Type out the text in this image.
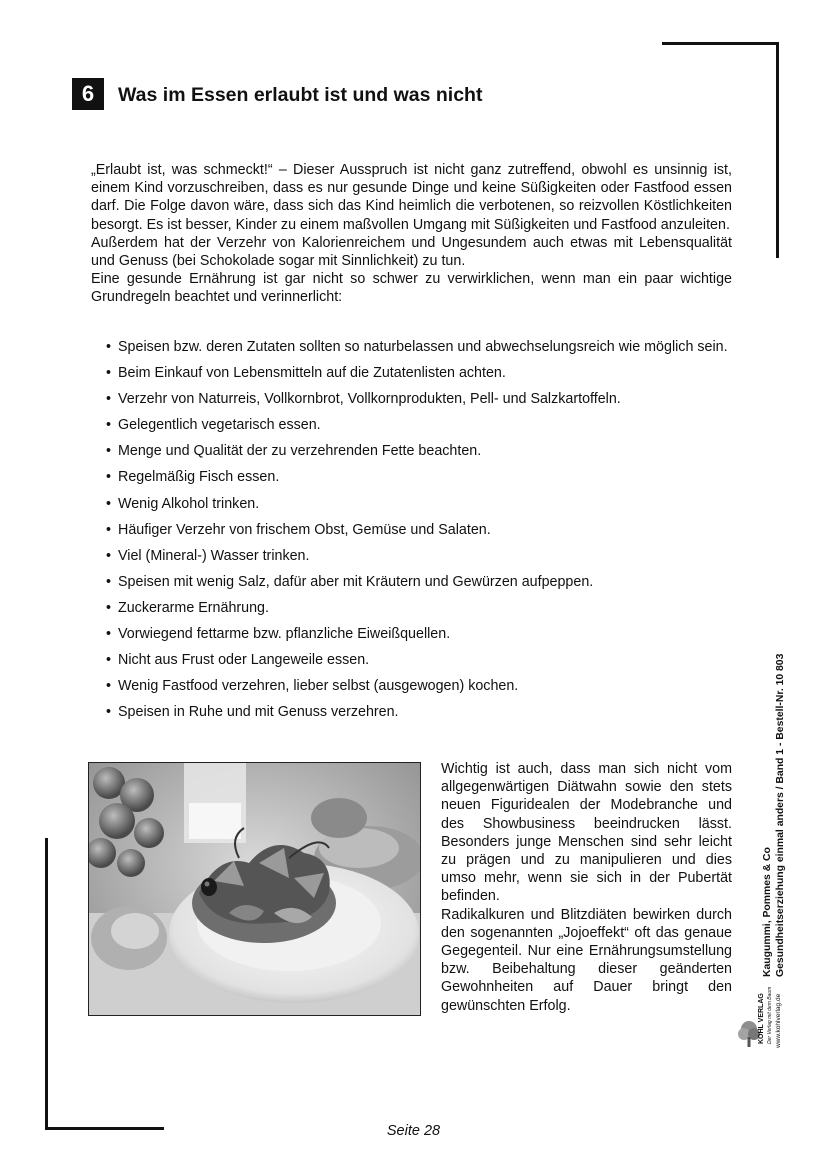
6	Was im Essen erlaubt ist und was nicht

„Erlaubt ist, was schmeckt!“ – Dieser Ausspruch ist nicht ganz zutreffend, obwohl es unsinnig ist, einem Kind vorzuschreiben, dass es nur gesunde Dinge und keine Süßigkeiten oder Fastfood essen darf. Die Folge davon wäre, dass sich das Kind heimlich die verbotenen, so reizvollen Köstlichkeiten besorgt. Es ist besser, Kinder zu einem maßvollen Umgang mit Süßigkeiten und Fastfood anzuleiten.

Außerdem hat der Verzehr von Kalorienreichem und Ungesundem auch etwas mit Lebensqualität und Genuss (bei Schokolade sogar mit Sinnlichkeit) zu tun.

Eine gesunde Ernährung ist gar nicht so schwer zu verwirklichen, wenn man ein paar wichtige Grundregeln beachtet und verinnerlicht:

• Speisen bzw. deren Zutaten sollten so naturbelassen und abwechselungsreich wie möglich sein.
• Beim Einkauf von Lebensmitteln auf die Zutatenlisten achten.
• Verzehr von Naturreis, Vollkornbrot, Vollkornprodukten, Pell- und Salzkartoffeln.
• Gelegentlich vegetarisch essen.
• Menge und Qualität der zu verzehrenden Fette beachten.
• Regelmäßig Fisch essen.
• Wenig Alkohol trinken.
• Häufiger Verzehr von frischem Obst, Gemüse und Salaten.
• Viel (Mineral-) Wasser trinken.
• Speisen mit wenig Salz, dafür aber mit Kräutern und Gewürzen aufpeppen.
• Zuckerarme Ernährung.
• Vorwiegend fettarme bzw. pflanzliche Eiweißquellen.
• Nicht aus Frust oder Langeweile essen.
• Wenig Fastfood verzehren, lieber selbst (ausgewogen) kochen.
• Speisen in Ruhe und mit Genuss verzehren.

Wichtig ist auch, dass man sich nicht vom allgegenwärtigen Diätwahn sowie den stets neuen Figuridealen der Modebranche und des Showbusiness beeindrucken lässt. Besonders junge Menschen sind sehr leicht zu prägen und zu manipulieren und dies umso mehr, wenn sie sich in der Pubertät befinden.

Radikalkuren und Blitzdiäten bewirken durch den sogenannten „Jojoeffekt“ oft das genaue Gegegenteil. Nur eine Ernährungsumstellung bzw. Beibehaltung dieser geänderten Gewohnheiten auf Dauer bringt den gewünschten Erfolg.

Kaugummi, Pommes & Co Gesundheitserziehung einmal anders / Band 1 - Bestell-Nr. 10 803
KOHL VERLAG Der Verlag mit dem Baum www.kohlverlag.de
Seite 28
